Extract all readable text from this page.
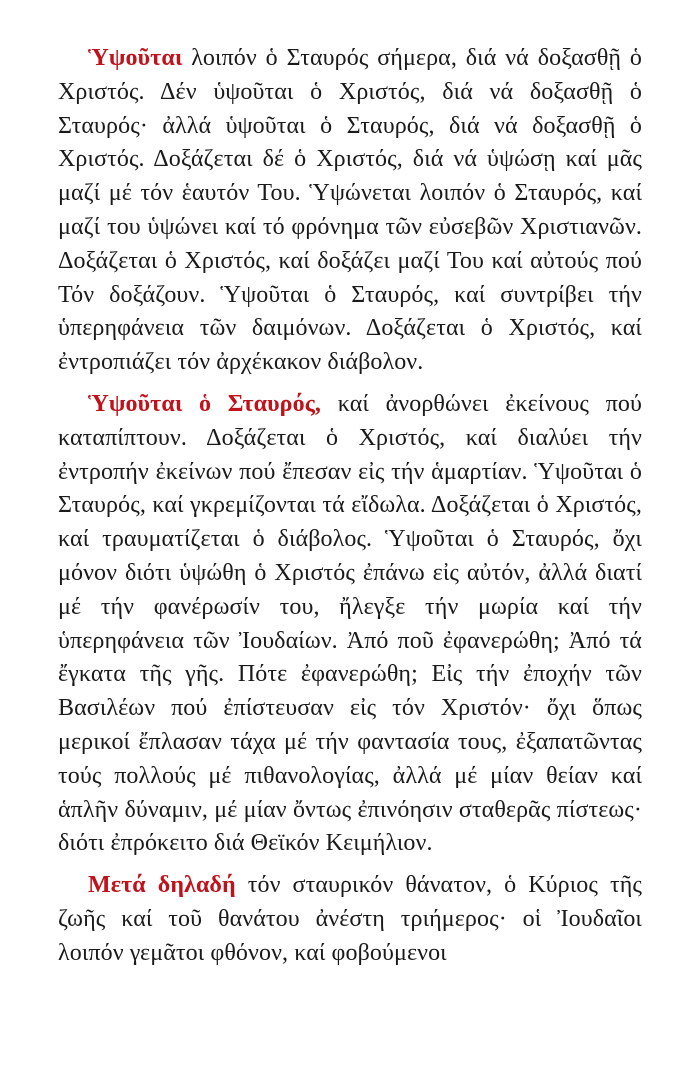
Ὑψοῦται λοιπόν ὁ Σταυρός σήμερα, διά νά δοξασθῇ ὁ Χριστός. Δέν ὑψοῦται ὁ Χριστός, διά νά δοξασθῇ ὁ Σταυρός· ἀλλά ὑψοῦται ὁ Σταυρός, διά νά δοξασθῇ ὁ Χριστός. Δοξάζεται δέ ὁ Χριστός, διά νά ὑψώσῃ καί μᾶς μαζί μέ τόν ἑαυτόν Του. Ὑψώνεται λοιπόν ὁ Σταυρός, καί μαζί του ὑψώνει καί τό φρόνημα τῶν εὐσεβῶν Χριστιανῶν. Δοξάζεται ὁ Χριστός, καί δοξάζει μαζί Του καί αὐτούς πού Τόν δοξάζουν. Ὑψοῦται ὁ Σταυρός, καί συντρίβει τήν ὑπερηφάνεια τῶν δαιμόνων. Δοξάζεται ὁ Χριστός, καί ἐντροπιάζει τόν ἀρχέκακον διάβολον.

Ὑψοῦται ὁ Σταυρός, καί ἀνορθώνει ἐκείνους πού καταπίπτουν. Δοξάζεται ὁ Χριστός, καί διαλύει τήν ἐντροπήν ἐκείνων πού ἔπεσαν εἰς τήν ἁμαρτίαν. Ὑψοῦται ὁ Σταυρός, καί γκρεμίζονται τά εἴδωλα. Δοξάζεται ὁ Χριστός, καί τραυματίζεται ὁ διάβολος. Ὑψοῦται ὁ Σταυρός, ὄχι μόνον διότι ὑψώθη ὁ Χριστός ἐπάνω εἰς αὐτόν, ἀλλά διατί μέ τήν φανέρωσίν του, ἤλεγξε τήν μωρία καί τήν ὑπερηφάνεια τῶν Ἰουδαίων. Ἀπό ποῦ ἐφανερώθη; Ἀπό τά ἔγκατα τῆς γῆς. Πότε ἐφανερώθη; Εἰς τήν ἐποχήν τῶν Βασιλέων πού ἐπίστευσαν εἰς τόν Χριστόν· ὄχι ὅπως μερικοί ἔπλασαν τάχα μέ τήν φαντασία τους, ἐξαπατῶντας τούς πολλούς μέ πιθανολογίας, ἀλλά μέ μίαν θείαν καί ἁπλῆν δύναμιν, μέ μίαν ὄντως ἐπινόησιν σταθερᾶς πίστεως· διότι ἐπρόκειτο διά Θεϊκόν Κειμήλιον.

Μετά δηλαδή τόν σταυρικόν θάνατον, ὁ Κύριος τῆς ζωῆς καί τοῦ θανάτου ἀνέστη τριήμερος· οἱ Ἰουδαῖοι λοιπόν γεμᾶτοι φθόνον, καί φοβούμενοι
